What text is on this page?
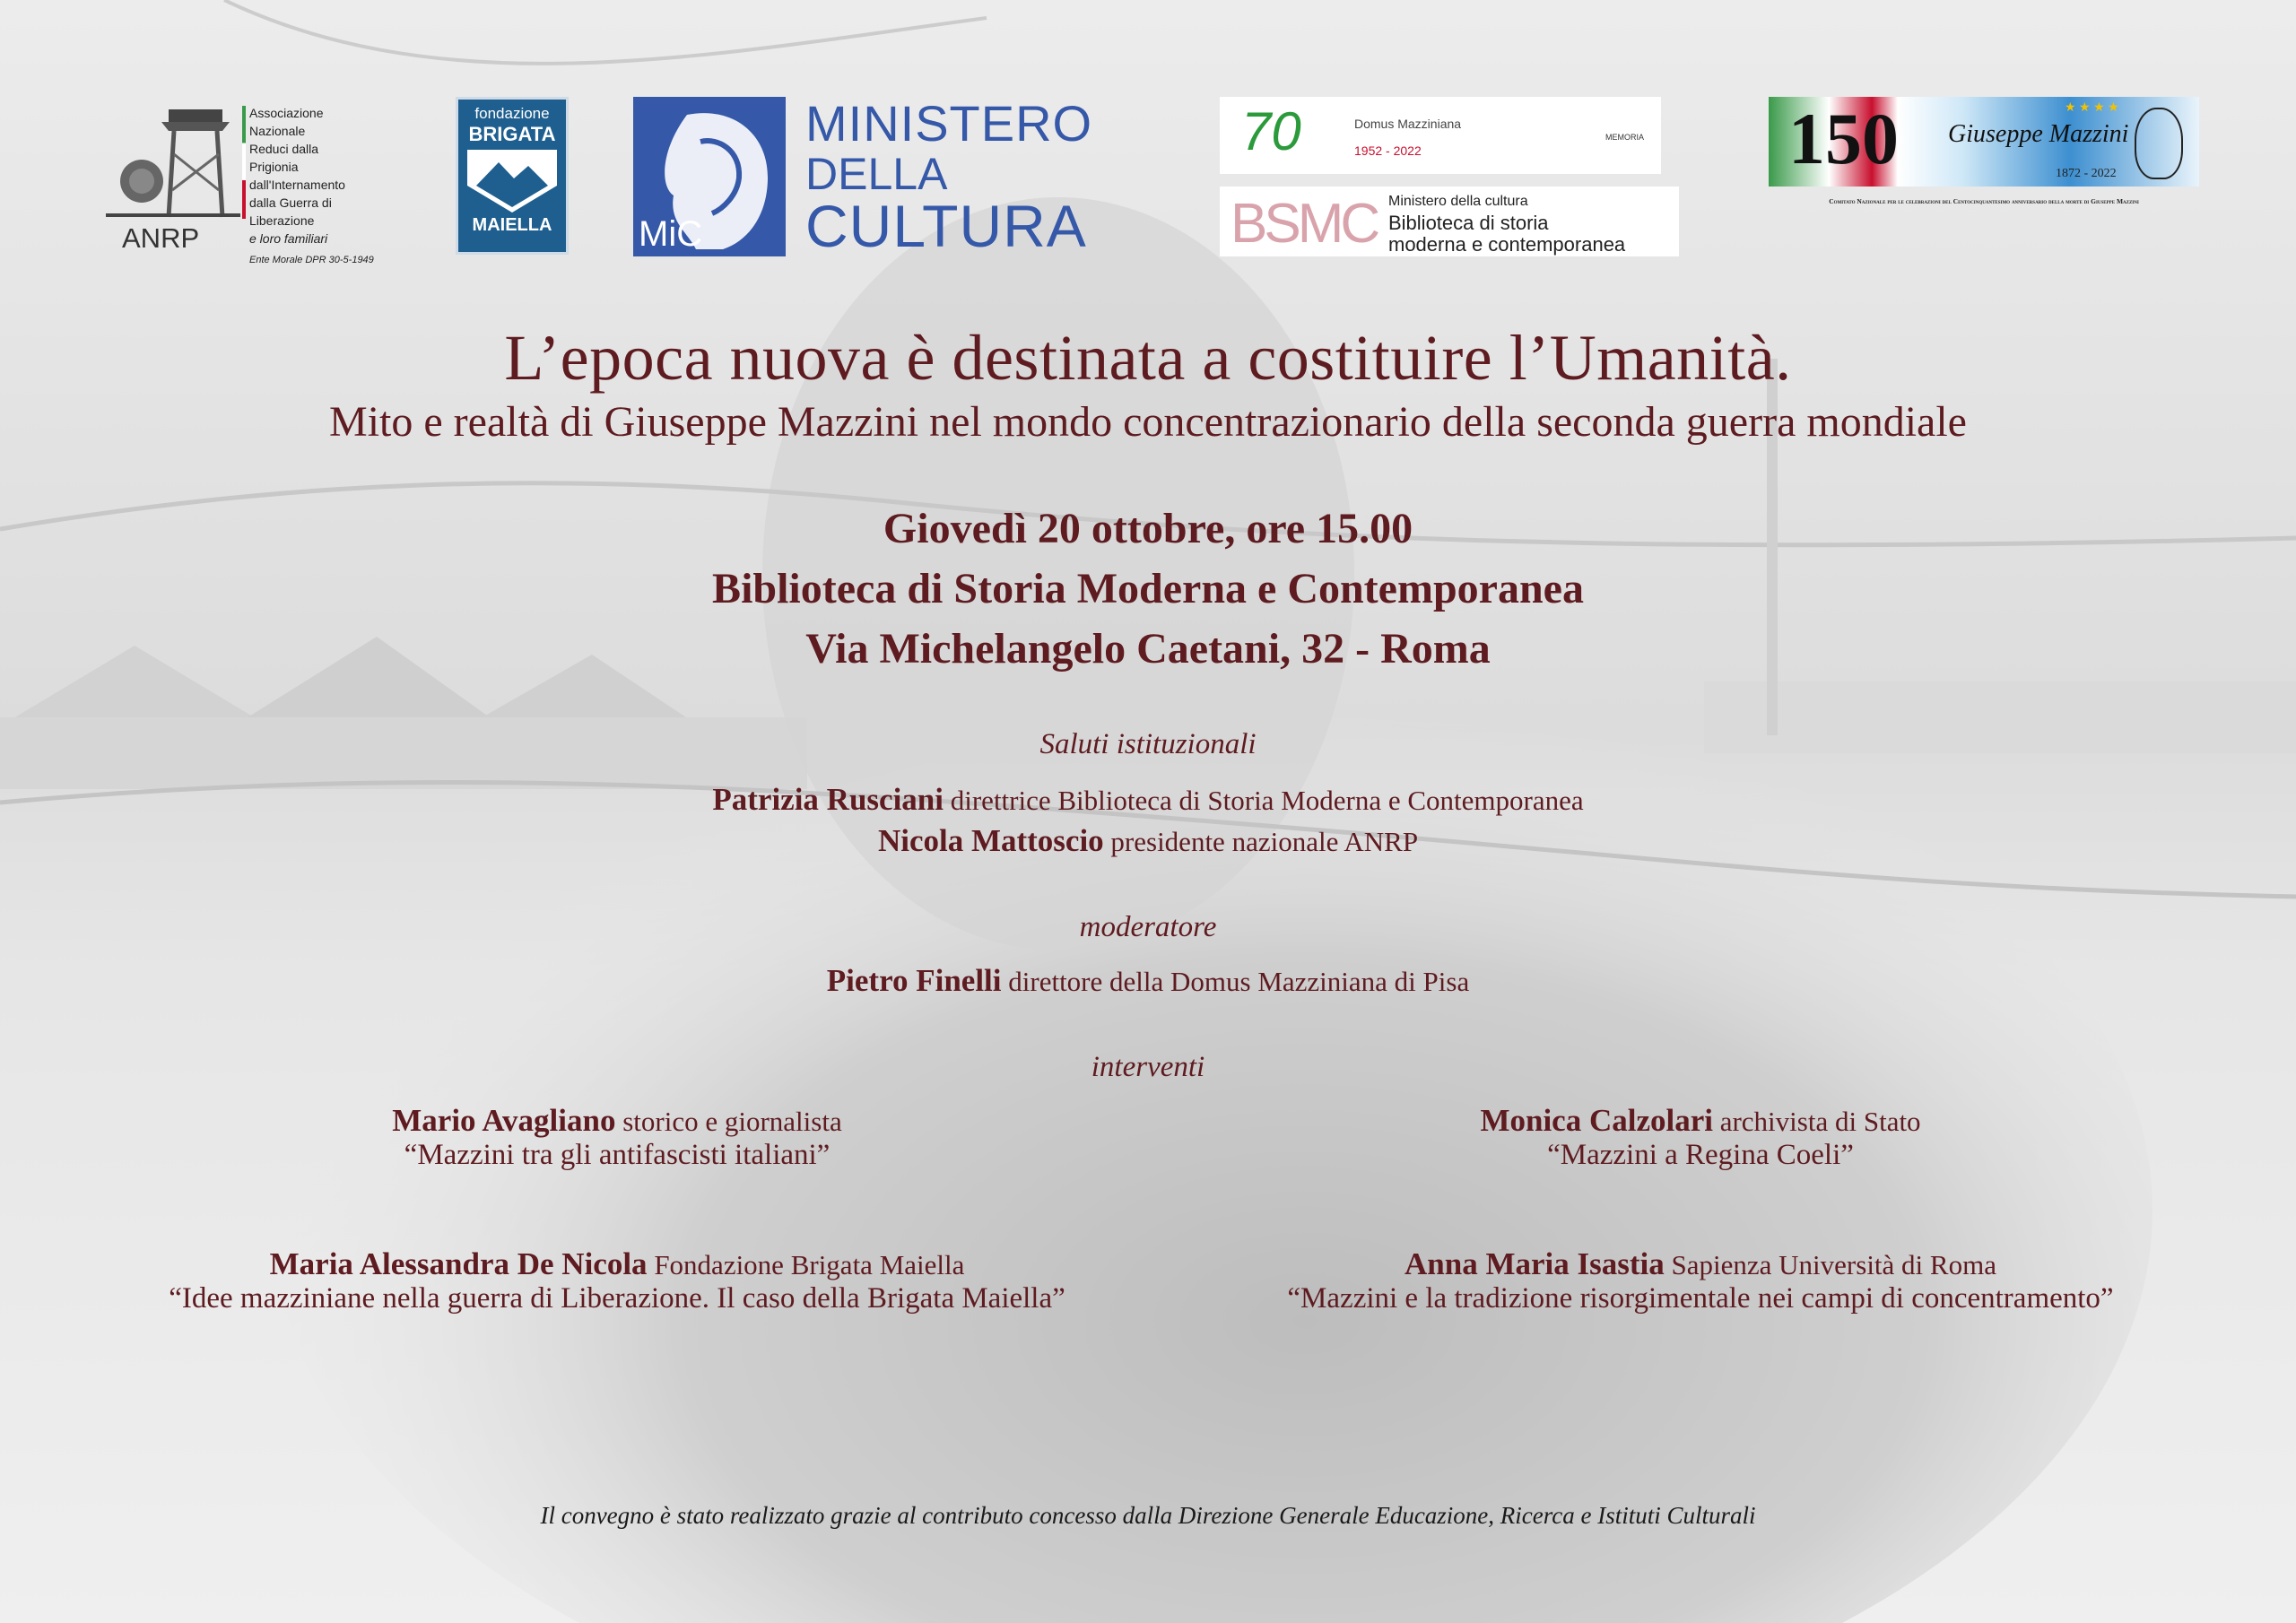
ANRP
Associazione
Nazionale
Reduci dalla
Prigionia
dall'Internamento
dalla Guerra di Liberazione
e loro familiari
Ente Morale DPR 30-5-1949
fondazione
BRIGATA
MAIELLA	MiC
MINISTERO
DELLA
CULTURA
70	Domus Mazziniana
1952 - 2022
MEMORIA
BSMC Ministero della cultura
Biblioteca di storia
moderna e contemporanea
150 Giuseppe Mazzini
★ ★ ★ ★
1872 - 2022
Comitato Nazionale per le celebrazioni del Centocinquantesimo anniversario della morte di Giuseppe Mazzini
L’epoca nuova è destinata a costituire l’Umanità.
Mito e realtà di Giuseppe Mazzini nel mondo concentrazionario della seconda guerra mondiale
Giovedì 20 ottobre, ore 15.00
Biblioteca di Storia Moderna e Contemporanea
Via Michelangelo Caetani, 32 - Roma
Saluti istituzionali
Patrizia Rusciani direttrice Biblioteca di Storia Moderna e Contemporanea
Nicola Mattoscio presidente nazionale ANRP
moderatore
Pietro Finelli direttore della Domus Mazziniana di Pisa
interventi
Mario Avagliano storico e giornalista
“Mazzini tra gli antifascisti italiani”
Monica Calzolari archivista di Stato
“Mazzini a Regina Coeli”
Maria Alessandra De Nicola Fondazione Brigata Maiella
“Idee mazziniane nella guerra di Liberazione. Il caso della Brigata Maiella”
Anna Maria Isastia Sapienza Università di Roma
“Mazzini e la tradizione risorgimentale nei campi di concentramento”
Il convegno è stato realizzato grazie al contributo concesso dalla Direzione Generale Educazione, Ricerca e Istituti Culturali
